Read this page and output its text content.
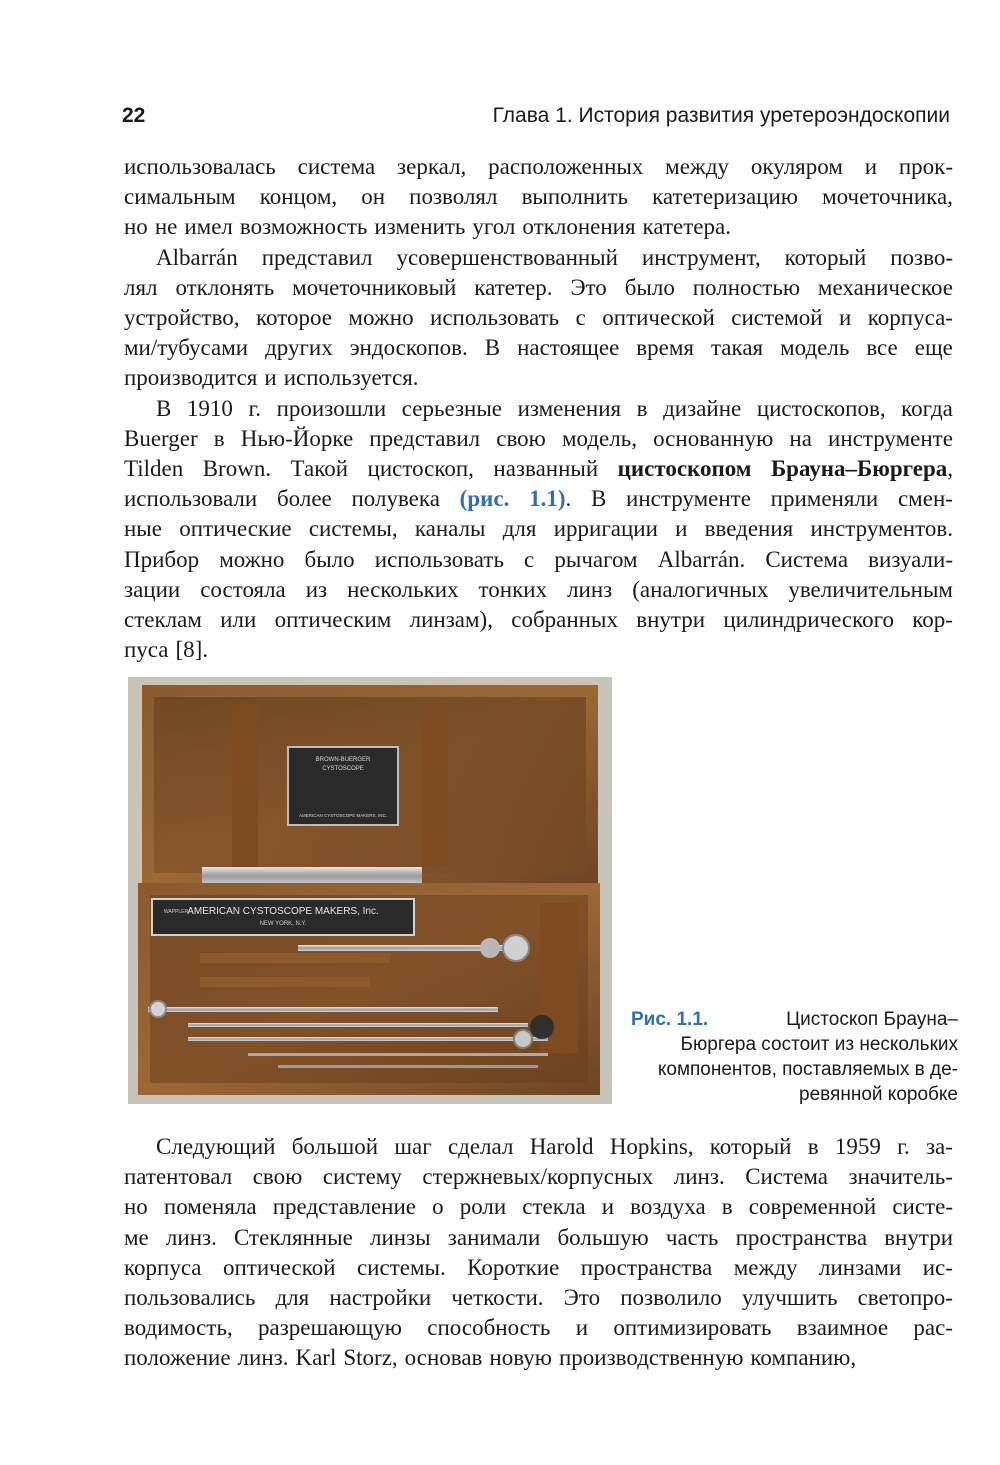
22	Глава 1. История развития уретероэндоскопии
использовалась система зеркал, расположенных между окуляром и прок-
симальным концом, он позволял выполнить катетеризацию мочеточника,
но не имел возможность изменить угол отклонения катетера.
Albarrán представил усовершенствованный инструмент, который позво-
лял отклонять мочеточниковый катетер. Это было полностью механическое
устройство, которое можно использовать с оптической системой и корпуса-
ми/тубусами других эндоскопов. В настоящее время такая модель все еще
производится и используется.
В 1910 г. произошли серьезные изменения в дизайне цистоскопов, когда
Buerger в Нью-Йорке представил свою модель, основанную на инструменте
Tilden Brown. Такой цистоскоп, названный цистоскопом Брауна–Бюргера,
использовали более полувека (рис. 1.1). В инструменте применяли смен-
ные оптические системы, каналы для ирригации и введения инструментов.
Прибор можно было использовать с рычагом Albarrán. Система визуали-
зации состояла из нескольких тонких линз (аналогичных увеличительным
стеклам или оптическим линзам), собранных внутри цилиндрического кор-
пуса [8].
BROWN-BUERGER
CYSTOSCOPE
AMERICAN CYSTOSCOPE MAKERS, INC.
AMERICAN CYSTOSCOPE MAKERS, Inc.
NEW YORK, N.Y.
WAPPLER
Рис. 1.1.	Цистоскоп Брауна–
Бюргера состоит из нескольких
компонентов, поставляемых в де-
ревянной коробке
Следующий большой шаг сделал Harold Hopkins, который в 1959 г. за-
патентовал свою систему стержневых/корпусных линз. Система значитель-
но поменяла представление о роли стекла и воздуха в современной систе-
ме линз. Стеклянные линзы занимали большую часть пространства внутри
корпуса оптической системы. Короткие пространства между линзами ис-
пользовались для настройки четкости. Это позволило улучшить светопро-
водимость, разрешающую способность и оптимизировать взаимное рас-
положение линз. Karl Storz, основав новую производственную компанию,
